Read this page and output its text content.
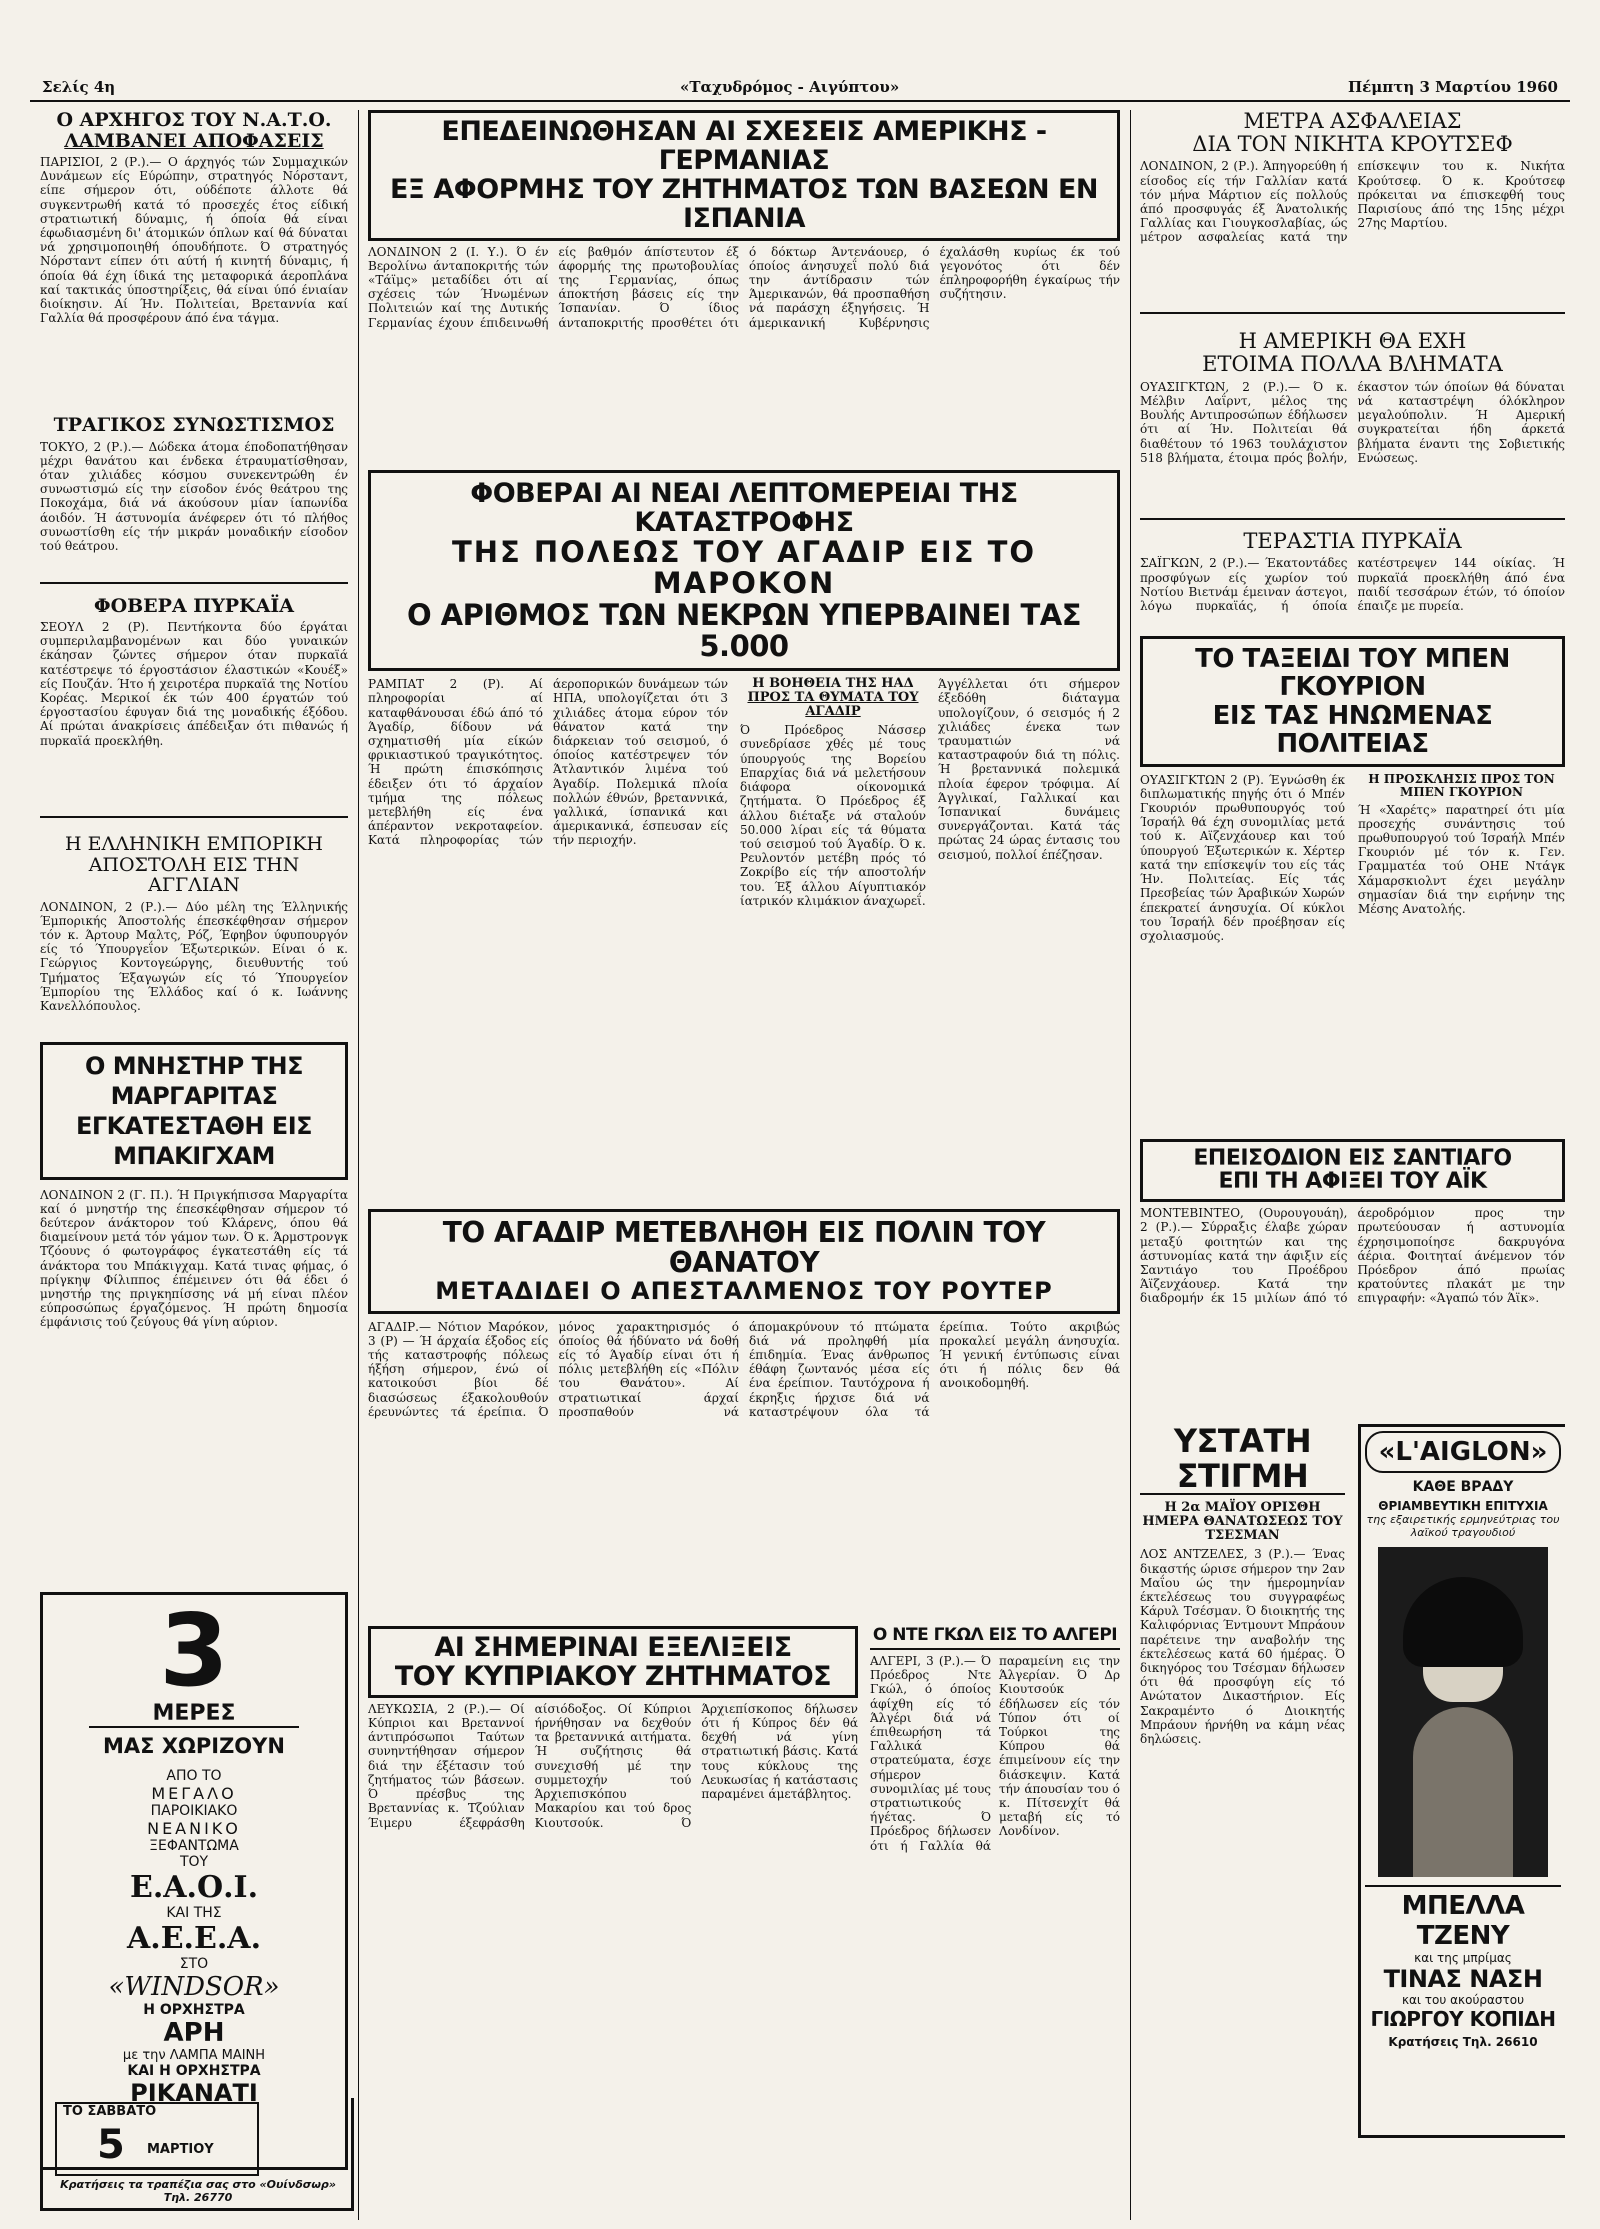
Σελίς 4η	«Ταχυδρόμος - Αιγύπτου»	Πέμπτη 3 Μαρτίου 1960
Ο ΑΡΧΗΓΟΣ ΤΟΥ Ν.Α.Τ.Ο.
ΛΑΜΒΑΝΕΙ ΑΠΟΦΑΣΕΙΣ

ΠΑΡΙΣΙΟΙ, 2 (Ρ.).— Ο άρχηγός τών Συμμαχικών Δυνάμεων είς Εύρώπην, στρατηγός Νόρσταντ, είπε σήμερον ότι, ούδέποτε άλλοτε θά συγκεντρωθή κατά τό προσεχές έτος είδική στρατιωτική δύναμις, ή όποία θά είναι έφωδιασμένη δι' άτομικών όπλων καί θά δύναται νά χρησιμοποιηθή όπουδήποτε. Ό στρατηγός Νόρσταντ είπεν ότι αύτή ή κινητή δύναμις, ή όποία θά έχη ίδικά της μεταφορικά άεροπλάνα καί τακτικάς ύποστηρίξεις, θά είναι ύπό ένιαίαν διοίκησιν. Αί Ήν. Πολιτείαι, Βρεταννία καί Γαλλία θά προσφέρουν άπό ένα τάγμα.

ΤΡΑΓΙΚΟΣ ΣΥΝΩΣΤΙΣΜΟΣ

ΤΟΚΥΟ, 2 (Ρ.).— Δώδεκα άτομα έποδοπατήθησαν μέχρι θανάτου και ένδεκα έτραυματίσθησαν, όταν χιλιάδες κόσμου συνεκεντρώθη έν συνωστισμώ είς την είσοδον ένός θεάτρου της Ποκοχάμα, διά νά άκούσουν μίαν ίαπωνίδα άοιδόν. Ή άστυνομία άνέφερεν ότι τό πλήθος συνωστίσθη είς τήν μικράν μοναδικήν είσοδον τού θεάτρου.

ΦΟΒΕΡΑ ΠΥΡΚΑΪΑ

ΣΕΟΥΛ 2 (Ρ). Πεντήκοντα δύο έργάται συμπεριλαμβανομένων και δύο γυναικών έκάησαν ζώντες σήμερον όταν πυρκαϊά κατέστρεψε τό έργοστάσιον έλαστικών «Κουέξ» είς Πουζάν. Ήτο ή χειροτέρα πυρκαϊά της Νοτίου Κορέας. Μερικοί έκ τών 400 έργατών τού έργοστασίου έφυγαν διά της μοναδικής έξόδου. Αί πρώται άνακρίσεις άπέδειξαν ότι πιθανώς ή πυρκαϊά προεκλήθη.

Η ΕΛΛΗΝΙΚΗ ΕΜΠΟΡΙΚΗ ΑΠΟΣΤΟΛΗ ΕΙΣ ΤΗΝ ΑΓΓΛΙΑΝ

ΛΟΝΔΙΝΟΝ, 2 (Ρ.).— Δύο μέλη της Έλληνικής Έμπορικής Άποστολής έπεσκέφθησαν σήμερον τόν κ. Άρτουρ Μαλτς, Ρόζ, Έφηβον ύφυπουργόν είς τό Ύπουργεΐον Έξωτερικών. Είναι ό κ. Γεώργιος Κοντογεώργης, διευθυντής τού Τμήματος Έξαγωγών είς τό Ύπουργείον Έμπορίου της Έλλάδος καί ό κ. Ιωάννης Κανελλόπουλος.

Ο ΜΝΗΣΤΗΡ ΤΗΣ ΜΑΡΓΑΡΙΤΑΣ ΕΓΚΑΤΕΣΤΑΘΗ ΕΙΣ ΜΠΑΚΙΓΧΑΜ

ΛΟΝΔΙΝΟΝ 2 (Γ. Π.). Ή Πριγκήπισσα Μαργαρίτα καί ό μνηστήρ της έπεσκέφθησαν σήμερον τό δεύτερον άνάκτορον τού Κλάρενς, όπου θά διαμείνουν μετά τόν γάμον των. Ό κ. Άρμστρονγκ Τζόουνς ό φωτογράφος έγκατεστάθη είς τά άνάκτορα του Μπάκιγχαμ. Κατά τινας φήμας, ό πρίγκηψ Φίλιππος έπέμεινεν ότι θά έδει ό μνηστήρ της πριγκηπίσσης νά μή είναι πλέον εύπροσώπως έργαζόμενος. Ή πρώτη δημοσία έμφάνισις τού ζεύγους θά γίνη αύριον.

3
ΜΕΡΕΣ
ΜΑΣ ΧΩΡΙΖΟΥΝ
ΑΠΟ ΤΟ
ΜΕΓΑΛΟ
ΠΑΡΟΙΚΙΑΚΟ
ΝΕΑΝΙΚΟ
ΞΕΦΑΝΤΩΜΑ
ΤΟΥ
Ε.Α.Ο.Ι.
ΚΑΙ ΤΗΣ
Α.Ε.Ε.Α.
ΣΤΟ
«WINDSOR»
Η ΟΡΧΗΣΤΡΑ
ΑΡΗ
με την ΛΑΜΠΑ ΜΑΙΝΗ
ΚΑΙ Η ΟΡΧΗΣΤΡΑ
ΡΙΚΑΝΑΤΙ
ΕΠΕΔΕΙΝΩΘΗΣΑΝ ΑΙ ΣΧΕΣΕΙΣ ΑΜΕΡΙΚΗΣ - ΓΕΡΜΑΝΙΑΣ
ΕΞ ΑΦΟΡΜΗΣ ΤΟΥ ΖΗΤΗΜΑΤΟΣ ΤΩΝ ΒΑΣΕΩΝ ΕΝ ΙΣΠΑΝΙΑ

ΛΟΝΔΙΝΟΝ 2 (Ι. Υ.). Ό έν Βερολίνω άνταποκριτής τών «Τάϊμς» μεταδίδει ότι αί σχέσεις τών Ήνωμένων Πολιτειών καί της Δυτικής Γερμανίας έχουν έπιδεινωθή είς βαθμόν άπίστευτον έξ άφορμής της πρωτοβουλίας της Γερμανίας, όπως άποκτήση βάσεις είς την Ίσπανίαν. Ό ίδιος άνταποκριτής προσθέτει ότι ό δόκτωρ Άντενάουερ, ό όποίος άνησυχεΐ πολύ διά την άντίδρασιν τών Άμερικανών, θά προσπαθήση νά παράσχη έξηγήσεις. Ή άμερικανική Κυβέρνησις έχαλάσθη κυρίως έκ τού γεγονότος ότι δέν έπληροφορήθη έγκαίρως τήν συζήτησιν.

ΦΟΒΕΡΑΙ ΑΙ ΝΕΑΙ ΛΕΠΤΟΜΕΡΕΙΑΙ ΤΗΣ ΚΑΤΑΣΤΡΟΦΗΣ
ΤΗΣ ΠΟΛΕΩΣ ΤΟΥ ΑΓΑΔΙΡ ΕΙΣ ΤΟ ΜΑΡΟΚΟΝ
Ο ΑΡΙΘΜΟΣ ΤΩΝ ΝΕΚΡΩΝ ΥΠΕΡΒΑΙΝΕΙ ΤΑΣ 5.000

ΡΑΜΠΑΤ 2 (Ρ). Αί πληροφορίαι αί καταφθάνουσαι έδώ άπό τό Άγαδίρ, δίδουν νά σχηματισθή μία είκών φρικιαστικού τραγικότητος. Ή πρώτη έπισκόπησις έδειξεν ότι τό άρχαίον τμήμα της πόλεως μετεβλήθη είς ένα άπέραντον νεκροταφείον. Κατά πληροφορίας τών άεροπορικών δυνάμεων τών ΗΠΑ, υπολογίζεται ότι 3 χιλιάδες άτομα εύρον τόν θάνατον κατά την διάρκειαν τού σεισμού, ό όποίος κατέστρεψεν τόν Άτλαντικόν λιμένα τού Άγαδίρ. Πολεμικά πλοία πολλών έθνών, βρεταννικά, γαλλικά, ίσπανικά και άμερικανικά, έσπευσαν είς τήν περιοχήν.

Η ΒΟΗΘΕΙΑ ΤΗΣ ΗΑΔ
ΠΡΟΣ ΤΑ ΘΥΜΑΤΑ ΤΟΥ ΑΓΑΔΙΡ

Ό Πρόεδρος Νάσσερ συνεδρίασε χθές μέ τους ύπουργούς της Βορείου Επαρχίας διά νά μελετήσουν διάφορα οίκονομικά ζητήματα. Ό Πρόεδρος έξ άλλου διέταξε νά σταλούν 50.000 λίραι είς τά θύματα τού σεισμού τού Άγαδίρ. Ό κ. Ρευλοντόν μετέβη πρός τό Ζοκρίβο είς τήν αποστολήν του. Έξ άλλου Αίγυπτιακόν ίατρικόν κλιμάκιον άναχωρεΐ.

Άγγέλλεται ότι σήμερον έξεδόθη διάταγμα υπολογίζουν, ό σεισμός ή 2 χιλιάδες ένεκα των τραυματιών νά καταστραφούν διά τη πόλις. Ή βρεταννικά πολεμικά πλοία έφερον τρόφιμα. Αί Άγγλικαί, Γαλλικαί και Ίσπανικαί δυνάμεις συνεργάζονται. Κατά τάς πρώτας 24 ώρας έντασις του σεισμού, πολλοί έπέζησαν.

ΤΟ ΑΓΑΔΙΡ ΜΕΤΕΒΛΗΘΗ ΕΙΣ ΠΟΛΙΝ ΤΟΥ ΘΑΝΑΤΟΥ
ΜΕΤΑΔΙΔΕΙ Ο ΑΠΕΣΤΑΛΜΕΝΟΣ ΤΟΥ ΡΟΥΤΕΡ

ΑΓΑΔΙΡ.— Νότιον Μαρόκον, 3 (Ρ) — Ή άρχαία έξοδος είς τής καταστροφής πόλεως ήξήση σήμερον, ένώ οί κατοικούσι βίοι δέ διασώσεως έξακολουθούν έρευνώντες τά έρείπια. Ό μόνος χαρακτηρισμός ό όποίος θά ήδύνατο νά δοθή είς τό Άγαδίρ είναι ότι ή πόλις μετεβλήθη είς «Πόλιν του Θανάτου». Αί στρατιωτικαί άρχαί προσπαθούν νά άπομακρύνουν τό πτώματα διά νά προληφθή μία έπιδημία. Ένας άνθρωπος έθάφη ζωντανός μέσα είς ένα έρείπιον. Ταυτόχρονα ή έκρηξις ήρχισε διά νά καταστρέψουν όλα τά έρείπια. Τούτο ακριβώς προκαλεί μεγάλη άνησυχία. Ή γενική έντύπωσις είναι ότι ή πόλις δεν θά ανοικοδομηθή.

ΑΙ ΣΗΜΕΡΙΝΑΙ ΕΞΕΛΙΞΕΙΣ
ΤΟΥ ΚΥΠΡΙΑΚΟΥ ΖΗΤΗΜΑΤΟΣ

ΛΕΥΚΩΣΙΑ, 2 (Ρ.).— Οί Κύπριοι και Βρεταννοί άντιπρόσωποι Ταύτων συνηντήθησαν σήμερον διά την έξέτασιν τού ζητήματος τών βάσεων. Ό πρέσβυς της Βρεταννίας κ. Τζούλιαν Έιμερυ έξεφράσθη αίσιόδοξος. Οί Κύπριοι ήρνήθησαν να δεχθούν τα βρεταννικά αιτήματα. Ή συζήτησις θά συνεχισθή μέ την συμμετοχήν τού Άρχιεπισκόπου Μακαρίου και τού δρος Κιουτσούκ. Ό Άρχιεπίσκοπος δήλωσεν ότι ή Κύπρος δέν θά δεχθή νά γίνη στρατιωτική βάσις. Κατά τους κύκλους της Λευκωσίας ή κατάστασις παραμένει άμετάβλητος.

Ο ΝΤΕ ΓΚΩΛ ΕΙΣ ΤΟ ΑΛΓΕΡΙ

ΑΛΓΕΡΙ, 3 (Ρ.).— Ό Πρόεδρος Ντε Γκώλ, ό όποίος άφίχθη είς τό Άλγέρι διά νά έπιθεωρήση τά Γαλλικά στρατεύματα, έσχε σήμερον συνομιλίας μέ τους στρατιωτικούς ήγέτας. Ό Πρόεδρος δήλωσεν ότι ή Γαλλία θά παραμείνη εις την Άλγερίαν. Ό Δρ Κιουτσούκ έδήλωσεν είς τόν Τύπον ότι οί Τούρκοι της Κύπρου θά έπιμείνουν είς την διάσκεψιν. Κατά τήν άπουσίαν του ό κ. Πίτσενχίτ θά μεταβή είς τό Λονδίνον.

ΜΕΤΡΑ ΑΣΦΑΛΕΙΑΣ
ΔΙΑ ΤΟΝ ΝΙΚΗΤΑ ΚΡΟΥΤΣΕΦ

ΛΟΝΔΙΝΟΝ, 2 (Ρ.). Άπηγορεύθη ή είσοδος είς τήν Γαλλίαν κατά τόν μήνα Μάρτιον είς πολλούς άπό προσφυγάς έξ Άνατολικής Γαλλίας και Γιουγκοσλαβίας, ώς μέτρον ασφαλείας κατά την επίσκεψιν του κ. Νικήτα Κρούτσεφ. Ό κ. Κρούτσεφ πρόκειται να έπισκεφθή τους Παρισίους άπό της 15ης μέχρι 27ης Μαρτίου.

Η ΑΜΕΡΙΚΗ ΘΑ ΕΧΗ
ΕΤΟΙΜΑ ΠΟΛΛΑ ΒΛΗΜΑΤΑ

ΟΥΑΣΙΓΚΤΩΝ, 2 (Ρ.).— Ό κ. Μέλβιν Λαΐρντ, μέλος της Βουλής Αντιπροσώπων έδήλωσεν ότι αί Ήν. Πολιτείαι θά διαθέτουν τό 1963 τουλάχιστον 518 βλήματα, έτοιμα πρός βολήν, έκαστον τών όποίων θά δύναται νά καταστρέψη όλόκληρον μεγαλούπολιν. Ή Αμερική συγκρατείται ήδη άρκετά βλήματα έναντι της Σοβιετικής Ενώσεως.

ΤΕΡΑΣΤΙΑ ΠΥΡΚΑΪΑ

ΣΑΪΓΚΩΝ, 2 (Ρ.).— Έκατοντάδες προσφύγων είς χωρίον τού Νοτίου Βιετνάμ έμειναν άστεγοι, λόγω πυρκαϊάς, ή όποία κατέστρεψεν 144 οίκίας. Ή πυρκαϊά προεκλήθη άπό ένα παιδί τεσσάρων έτών, τό όποίον έπαιζε με πυρεία.

ΤΟ ΤΑΞΕΙΔΙ ΤΟΥ ΜΠΕΝ ΓΚΟΥΡΙΟΝ
ΕΙΣ ΤΑΣ ΗΝΩΜΕΝΑΣ ΠΟΛΙΤΕΙΑΣ

ΟΥΑΣΙΓΚΤΩΝ 2 (Ρ). Έγνώσθη έκ διπλωματικής πηγής ότι ό Μπέν Γκουριόν πρωθυπουργός τού Ίσραήλ θά έχη συνομιλίας μετά τού κ. Αϊζενχάουερ και τού ύπουργού Έξωτερικών κ. Χέρτερ κατά την επίσκεψίν του είς τάς Ήν. Πολιτείας. Είς τάς Πρεσβείας τών Άραβικών Χωρών έπεκρατεί άνησυχία. Οί κύκλοι του Ίσραήλ δέν προέβησαν είς σχολιασμούς.

Η ΠΡΟΣΚΛΗΣΙΣ ΠΡΟΣ ΤΟΝ ΜΠΕΝ ΓΚΟΥΡΙΟΝ

Ή «Χαρέτς» παρατηρεί ότι μία προσεχής συνάντησις τού πρωθυπουργού τού Ίσραήλ Μπέν Γκουριόν μέ τόν κ. Γεν. Γραμματέα τού ΟΗΕ Ντάγκ Χάμαρσκιολντ έχει μεγάλην σημασίαν διά την ειρήνην της Μέσης Ανατολής.

ΕΠΕΙΣΟΔΙΟΝ ΕΙΣ ΣΑΝΤΙΑΓΟ
ΕΠΙ ΤΗ ΑΦΙΞΕΙ ΤΟΥ ΑΪΚ

ΜΟΝΤΕΒΙΝΤΕΟ, (Ουρουγουάη), 2 (Ρ.).— Σύρραξις έλαβε χώραν μεταξύ φοιτητών και της άστυνομίας κατά την άφιξιν είς Σαντιάγο του Προέδρου Άϊζενχάουερ. Κατά την διαδρομήν έκ 15 μιλίων άπό τό άεροδρόμιον προς την πρωτεύουσαν ή αστυνομία έχρησιμοποίησε δακρυγόνα άέρια. Φοιτηταί άνέμενον τόν Πρόεδρον άπό πρωίας κρατούντες πλακάτ με την επιγραφήν: «Άγαπώ τόν Άϊκ».

ΥΣΤΑΤΗ ΣΤΙΓΜΗ
Η 2α ΜΑΪΟΥ ΟΡΙΣΘΗ ΗΜΕΡΑ ΘΑΝΑΤΩΣΕΩΣ ΤΟΥ ΤΣΕΣΜΑΝ

ΛΟΣ ΑΝΤΖΕΛΕΣ, 3 (Ρ.).— Ένας δικαστής ώρισε σήμερον την 2αν Μαΐου ώς την ήμερομηνίαν έκτελέσεως του συγγραφέως Κάρυλ Τσέσμαν. Ό διοικητής της Καλιφόρνιας Έντμουντ Μπράουν παρέτεινε την αναβολήν της έκτελέσεως κατά 60 ήμέρας. Ό δικηγόρος του Τσέσμαν δήλωσεν ότι θά προσφύγη είς τό Ανώτατον Δικαστήριον. Είς Σακραμέντο ό Διοικητής Μπράουν ήρνήθη να κάμη νέας δηλώσεις.

«L'AIGLON»
ΚΑΘΕ ΒΡΑΔΥ
ΘΡΙΑΜΒΕΥΤΙΚΗ ΕΠΙΤΥΧΙΑ
της εξαιρετικής ερμηνεύτριας του λαϊκού τραγουδιού
ΜΠΕΛΛΑ ΤΖΕΝΥ
και της μπρίμας
ΤΙΝΑΣ ΝΑΣΗ
και του ακούραστου
ΓΙΩΡΓΟΥ ΚΟΠΙΔΗ
Κρατήσεις Τηλ. 26610
ΤΟ ΣΑΒΒΑΤΟ
5 ΜΑΡΤΙΟΥ
Κρατήσεις τα τραπέζια σας στο «Ουίνδσωρ» Τηλ. 26770
